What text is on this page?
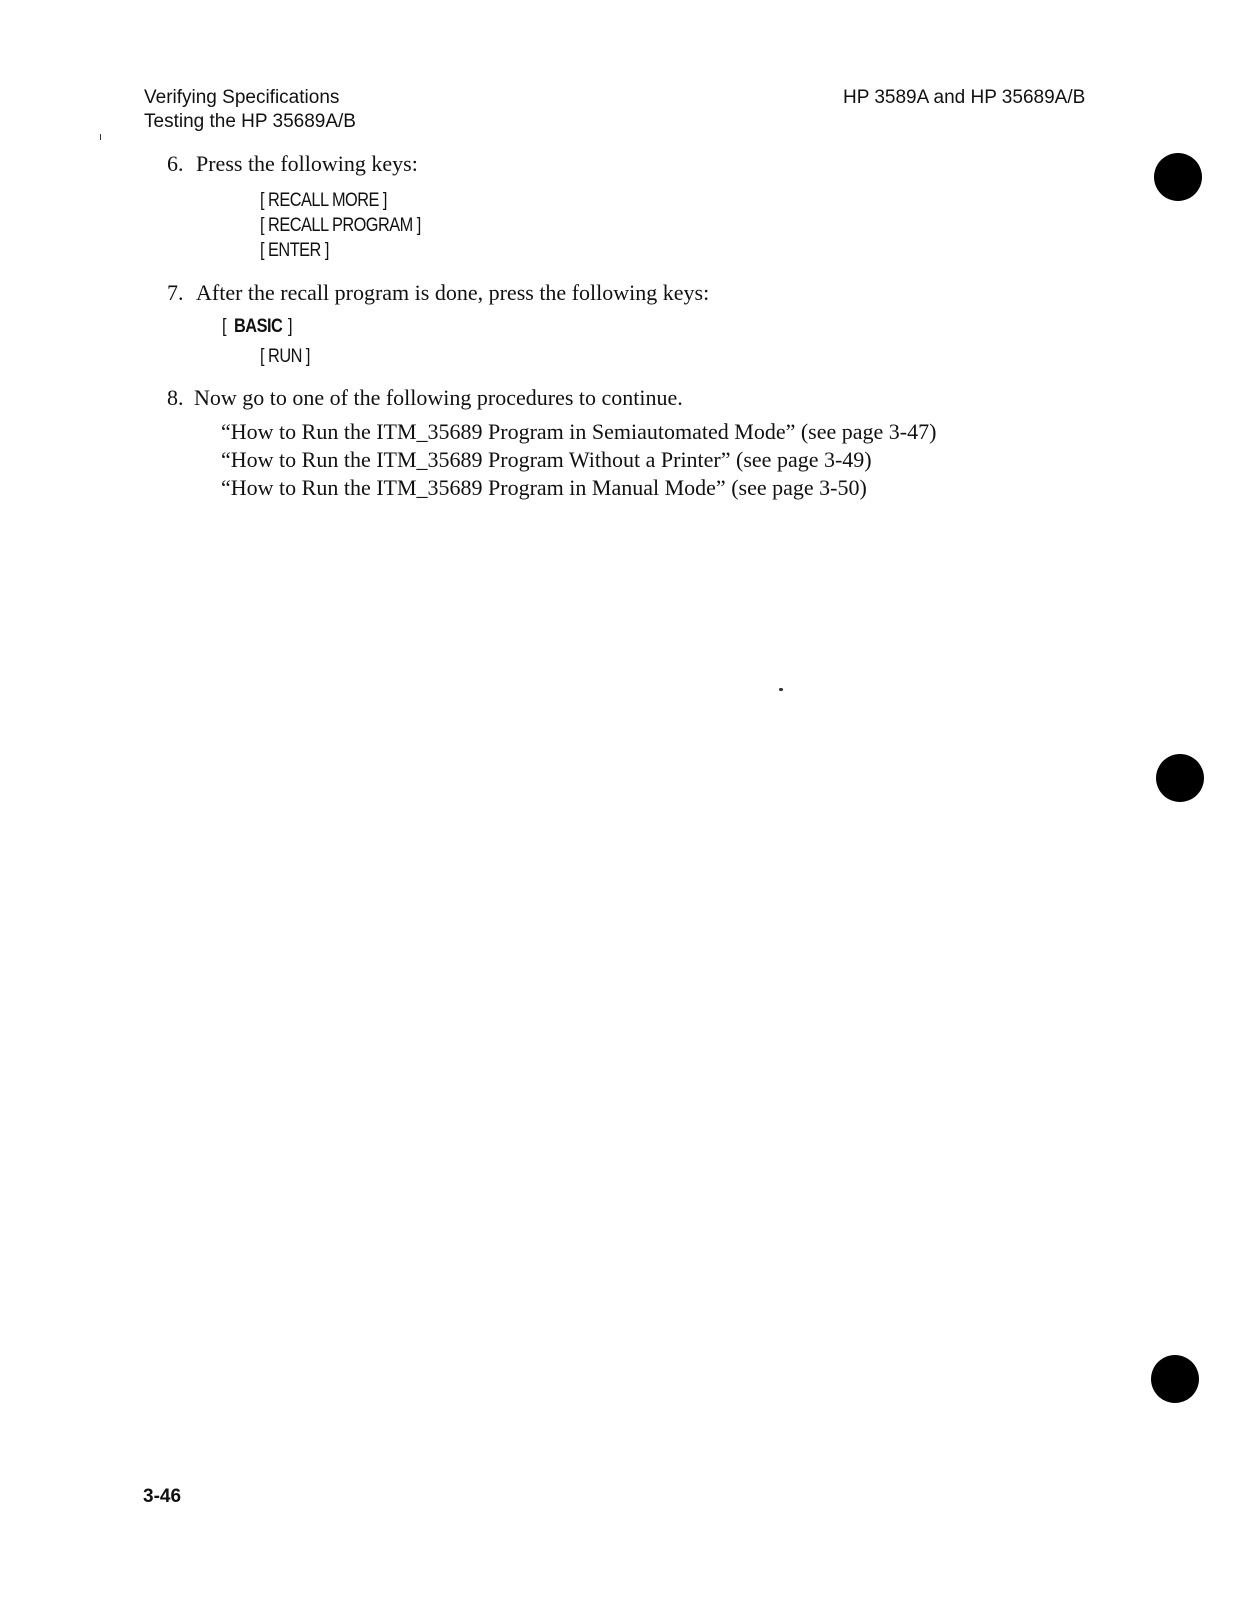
Verifying Specifications
Testing the HP 35689A/B
HP 3589A and HP 35689A/B
6. Press the following keys:
[ RECALL MORE ]
[ RECALL PROGRAM ]
[ ENTER ]
7. After the recall program is done, press the following keys:
[ BASIC ]
[ RUN ]
8. Now go to one of the following procedures to continue.
“How to Run the ITM_35689 Program in Semiautomated Mode” (see page 3-47)
“How to Run the ITM_35689 Program Without a Printer” (see page 3-49)
“How to Run the ITM_35689 Program in Manual Mode” (see page 3-50)
3-46
